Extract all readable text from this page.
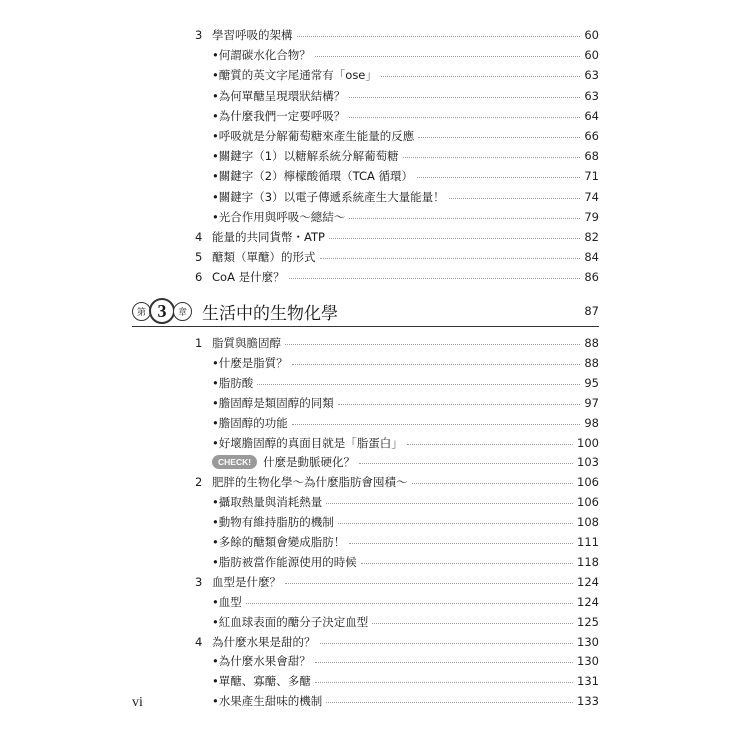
3 學習呼吸的架構	60
•何謂碳水化合物？	60
•醣質的英文字尾通常有「ose」	63
•為何單醣呈現環狀結構？	63
•為什麼我們一定要呼吸？	64
•呼吸就是分解葡萄糖來產生能量的反應	66
•關鍵字（1）以糖解系統分解葡萄糖	68
•關鍵字（2）檸檬酸循環（TCA 循環）	71
•關鍵字（3）以電子傳遞系統產生大量能量！	74
•光合作用與呼吸～總結～	79
4 能量的共同貨幣・ATP	82
5 醣類（單醣）的形式	84
6 CoA 是什麼？	86
第 3	章 生活中的生物化學	87
1 脂質與膽固醇	88
•什麼是脂質？	88
•脂肪酸	95
•膽固醇是類固醇的同類	97
•膽固醇的功能	98
•好壞膽固醇的真面目就是「脂蛋白」	100
CHECK!	什麼是動脈硬化？	103
2 肥胖的生物化學～為什麼脂肪會囤積～	106
•攝取熱量與消耗熱量	106
•動物有維持脂肪的機制	108
•多餘的醣類會變成脂肪！	111
•脂肪被當作能源使用的時候	118
3 血型是什麼？	124
•血型	124
•紅血球表面的醣分子決定血型	125
4 為什麼水果是甜的？	130
•為什麼水果會甜？	130
•單醣、寡醣、多醣	131
•水果產生甜味的機制	133
vi
